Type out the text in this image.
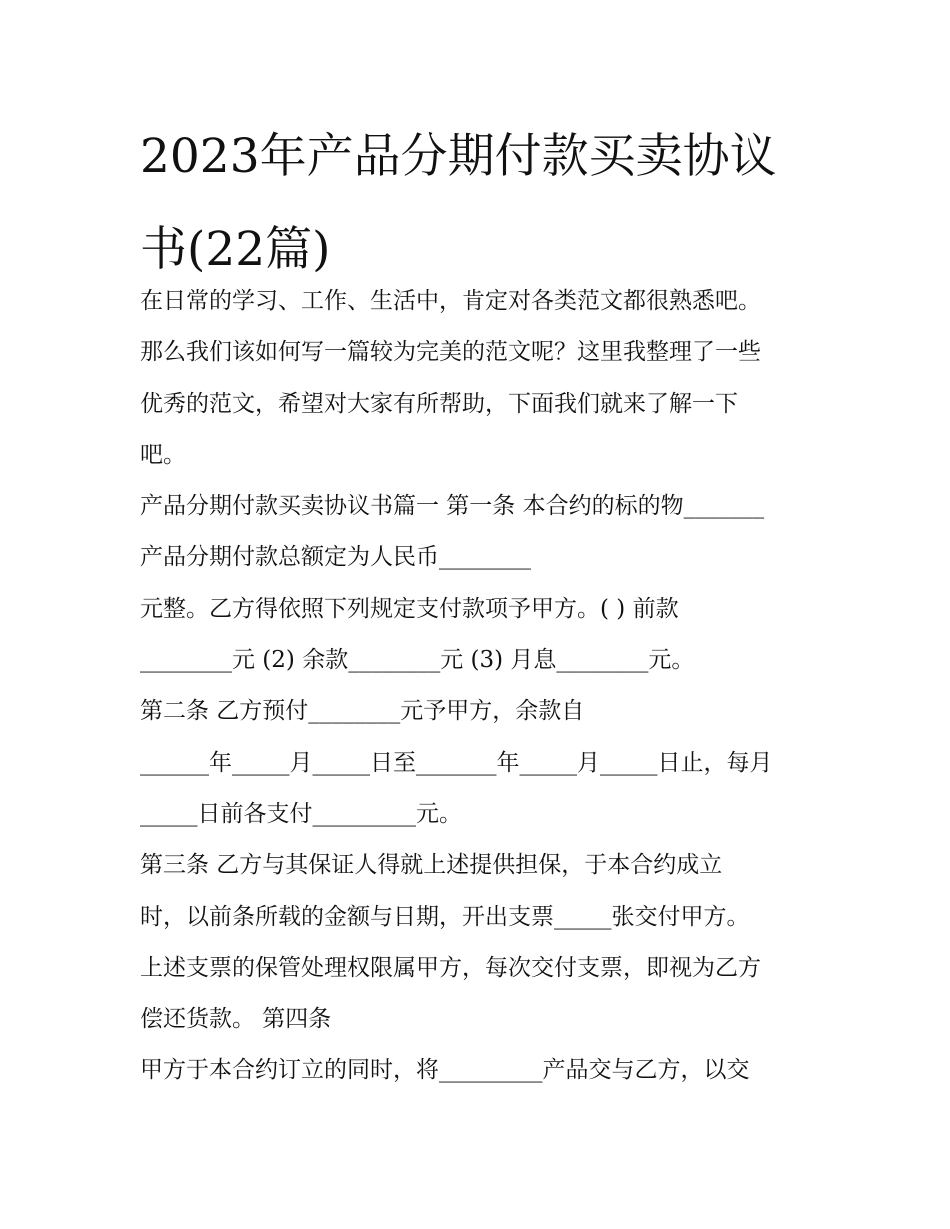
2023年产品分期付款买卖协议
书(22篇)
在日常的学习、工作、生活中，肯定对各类范文都很熟悉吧。
那么我们该如何写一篇较为完美的范文呢？这里我整理了一些
优秀的范文，希望对大家有所帮助，下面我们就来了解一下
吧。
产品分期付款买卖协议书篇一 第一条 本合约的标的物_______
产品分期付款总额定为人民币________
元整。乙方得依照下列规定支付款项予甲方。( ) 前款
________元 (2) 余款________元 (3) 月息________元。
第二条 乙方预付________元予甲方，余款自
______年_____月_____日至_______年_____月_____日止，每月
_____日前各支付_________元。
第三条 乙方与其保证人得就上述提供担保，于本合约成立
时，以前条所载的金额与日期，开出支票_____张交付甲方。
上述支票的保管处理权限属甲方，每次交付支票，即视为乙方
偿还货款。 第四条
甲方于本合约订立的同时，将_________产品交与乙方，以交
